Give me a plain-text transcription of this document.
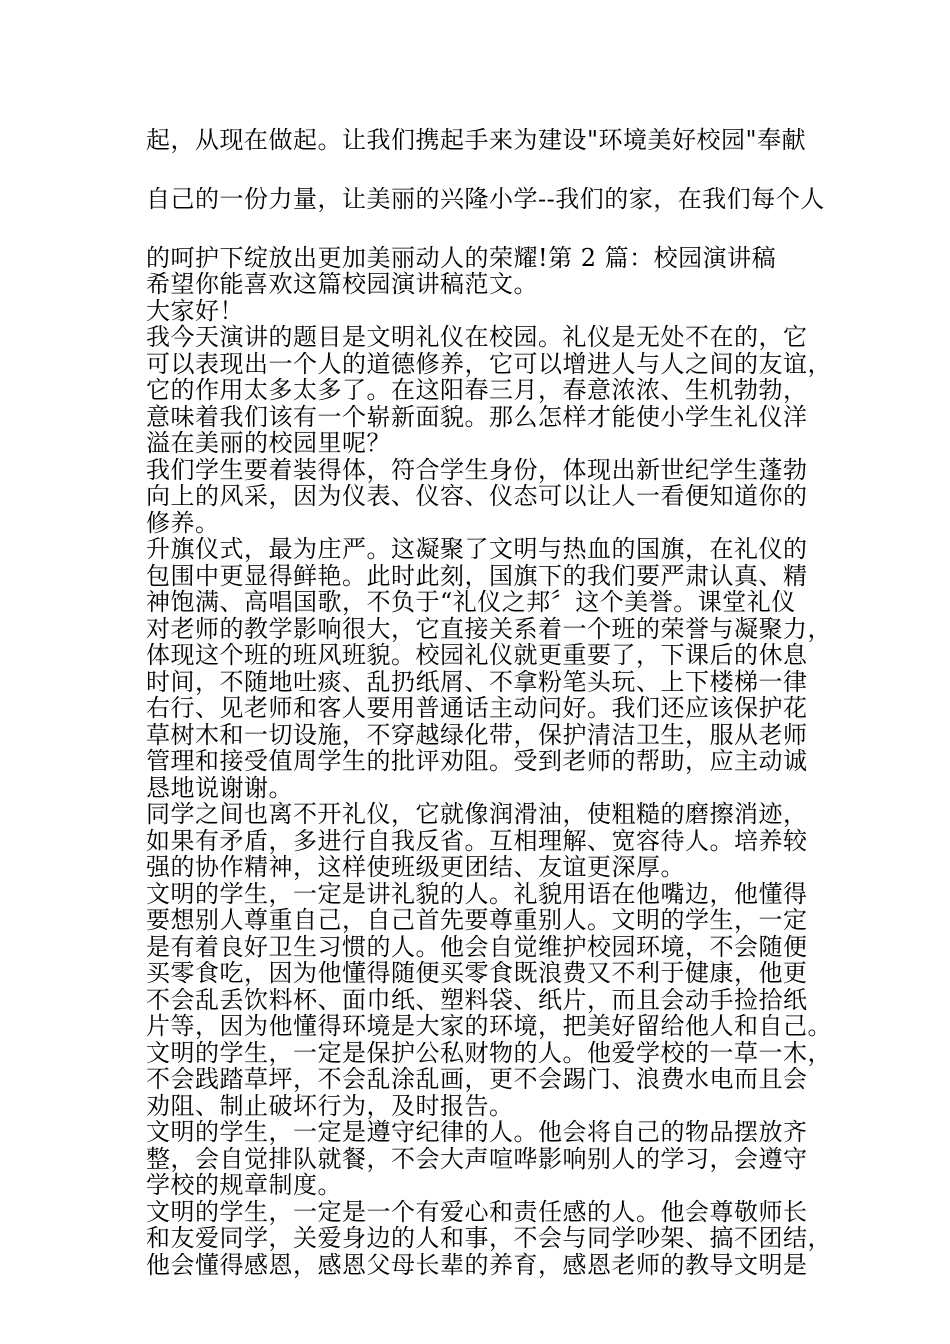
起，从现在做起。让我们携起手来为建设"环境美好校园"奉献
自己的一份力量，让美丽的兴隆小学--我们的家，在我们每个人
的呵护下绽放出更加美丽动人的荣耀!第 2 篇：校园演讲稿
希望你能喜欢这篇校园演讲稿范文。
大家好！
我今天演讲的题目是文明礼仪在校园。礼仪是无处不在的，它
可以表现出一个人的道德修养，它可以增进人与人之间的友谊，
它的作用太多太多了。在这阳春三月，春意浓浓、生机勃勃，
意味着我们该有一个崭新面貌。那么怎样才能使小学生礼仪洋
溢在美丽的校园里呢？
我们学生要着装得体，符合学生身份，体现出新世纪学生蓬勃
向上的风采，因为仪表、仪容、仪态可以让人一看便知道你的
修养。
升旗仪式，最为庄严。这凝聚了文明与热血的国旗，在礼仪的
包围中更显得鲜艳。此时此刻，国旗下的我们要严肃认真、精
神饱满、高唱国歌，不负于“礼仪之邦〞这个美誉。课堂礼仪
对老师的教学影响很大，它直接关系着一个班的荣誉与凝聚力，
体现这个班的班风班貌。校园礼仪就更重要了，下课后的休息
时间，不随地吐痰、乱扔纸屑、不拿粉笔头玩、上下楼梯一律
右行、见老师和客人要用普通话主动问好。我们还应该保护花
草树木和一切设施，不穿越绿化带，保护清洁卫生，服从老师
管理和接受值周学生的批评劝阻。受到老师的帮助，应主动诚
恳地说谢谢。
同学之间也离不开礼仪，它就像润滑油，使粗糙的磨擦消迹，
如果有矛盾，多进行自我反省。互相理解、宽容待人。培养较
强的协作精神，这样使班级更团结、友谊更深厚。
文明的学生，一定是讲礼貌的人。礼貌用语在他嘴边，他懂得
要想别人尊重自己，自己首先要尊重别人。文明的学生，一定
是有着良好卫生习惯的人。他会自觉维护校园环境，不会随便
买零食吃，因为他懂得随便买零食既浪费又不利于健康，他更
不会乱丢饮料杯、面巾纸、塑料袋、纸片，而且会动手捡拾纸
片等，因为他懂得环境是大家的环境，把美好留给他人和自己。
文明的学生，一定是保护公私财物的人。他爱学校的一草一木，
不会践踏草坪，不会乱涂乱画，更不会踢门、浪费水电而且会
劝阻、制止破坏行为，及时报告。
文明的学生，一定是遵守纪律的人。他会将自己的物品摆放齐
整，会自觉排队就餐，不会大声喧哗影响别人的学习，会遵守
学校的规章制度。
文明的学生，一定是一个有爱心和责任感的人。他会尊敬师长
和友爱同学，关爱身边的人和事，不会与同学吵架、搞不团结，
他会懂得感恩，感恩父母长辈的养育，感恩老师的教导文明是
